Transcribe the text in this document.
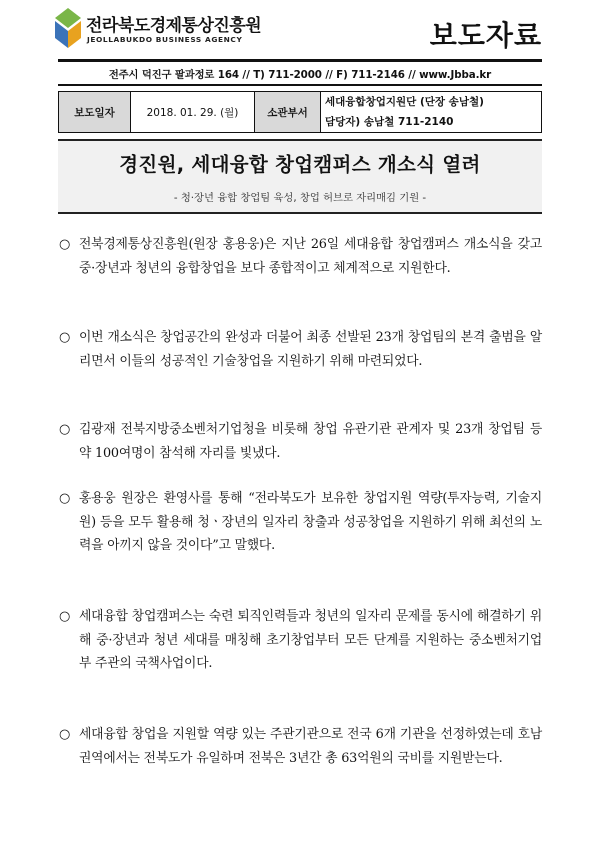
전라북도경제통상진흥원
JEOLLABUKDO BUSINESS AGENCY	보도자료
전주시 덕진구 팔과정로 164 // T) 711-2000 // F) 711-2146 // www.Jbba.kr
보도일자	2018. 01. 29. (월)	소관부서	세대융합창업지원단 (단장 송남철)
담당자) 송남철 711-2140
경진원, 세대융합 창업캠퍼스 개소식 열려
- 청·장년 융합 창업팀 육성, 창업 허브로 자리매김 기원 -
○ 전북경제통상진흥원(원장 홍용웅)은 지난 26일 세대융합 창업캠퍼스 개소식을 갖고 중·장년과 청년의 융합창업을 보다 종합적이고 체계적으로 지원한다.
○ 이번 개소식은 창업공간의 완성과 더불어 최종 선발된 23개 창업팀의 본격 출범을 알리면서 이들의 성공적인 기술창업을 지원하기 위해 마련되었다.
○ 김광재 전북지방중소벤처기업청을 비롯해 창업 유관기관 관계자 및 23개 창업팀 등 약 100여명이 참석해 자리를 빛냈다.
○ 홍용웅 원장은 환영사를 통해 “전라북도가 보유한 창업지원 역량(투자능력, 기술지원) 등을 모두 활용해 청ㆍ장년의 일자리 창출과 성공창업을 지원하기 위해 최선의 노력을 아끼지 않을 것이다”고 말했다.
○ 세대융합 창업캠퍼스는 숙련 퇴직인력들과 청년의 일자리 문제를 동시에 해결하기 위해 중·장년과 청년 세대를 매칭해 초기창업부터 모든 단계를 지원하는 중소벤처기업부 주관의 국책사업이다.
○ 세대융합 창업을 지원할 역량 있는 주관기관으로 전국 6개 기관을 선정하였는데 호남권역에서는 전북도가 유일하며 전북은 3년간 총 63억원의 국비를 지원받는다.
